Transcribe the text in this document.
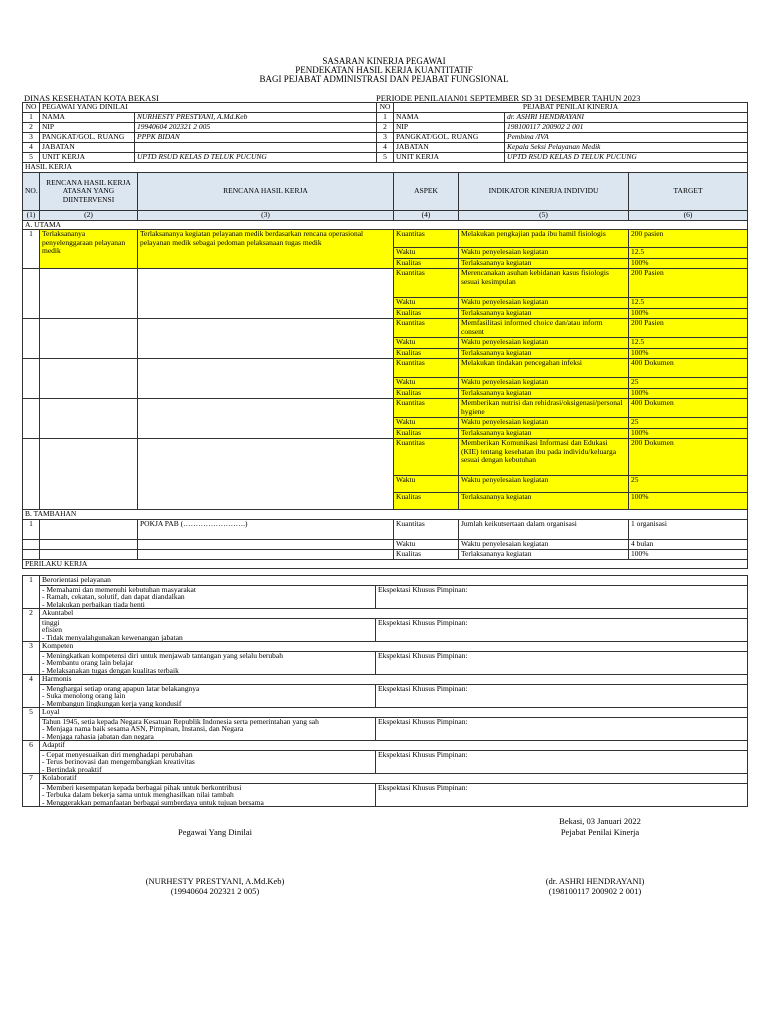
SASARAN KINERJA PEGAWAI
PENDEKATAN HASIL KERJA KUANTITATIF
BAGI PEJABAT ADMINISTRASI DAN PEJABAT FUNGSIONAL
DINAS KESEHATAN KOTA BEKASI	PERIODE PENILAIAN01 SEPTEMBER SD 31 DESEMBER TAHUN 2023
NO	PEGAWAI YANG DINILAI		NO	PEJABAT PENILAI KINERJA	
1	NAMA	NURHESTY PRESTYANI, A.Md.Keb	1	NAMA	dr. ASHRI HENDRAYANI
2	NIP	19940604 202321 2 005	2	NIP	198100117 200902 2 001
3	PANGKAT/GOL. RUANG	PPPK BIDAN	3	PANGKAT/GOL. RUANG	Pembina /IVA
4	JABATAN		4	JABATAN	Kepala Seksi Pelayanan Medik
5	UNIT KERJA	UPTD RSUD KELAS D TELUK PUCUNG	5	UNIT KERJA	UPTD RSUD KELAS D TELUK PUCUNG
HASIL KERJA					
NO.	RENCANA HASIL KERJA ATASAN YANG DIINTERVENSI	RENCANA HASIL KERJA	ASPEK	INDIKATOR KINERJA INDIVIDU	TARGET
(1)	(2)	(3)	(4)	(5)	(6)
A. UTAMA					
1	Terlaksananya penyelenggaraan pelayanan medik	Terlaksananya kegiatan pelayanan medik berdasarkan rencana operasional pelayanan medik sebagai pedoman pelaksanaan tugas medik	Kuantitas	Melakukan pengkajian pada ibu hamil fisiologis	200 pasien
			Waktu	Waktu penyelesaian kegiatan	12.5
			Kualitas	Terlaksananya kegiatan	100%
			Kuantitas	Merencanakan asuhan kebidanan kasus fisiologis sesuai kesimpulan	200 Pasien
			Waktu	Waktu penyelesaian kegiatan	12.5
			Kualitas	Terlaksananya kegiatan	100%
			Kuantitas	Memfasilitasi informed choice dan/atau inform consent	200 Pasien
			Waktu	Waktu penyelesaian kegiatan	12.5
			Kualitas	Terlaksananya kegiatan	100%
			Kuantitas	Melakukan tindakan pencegahan infeksi	400 Dokumen
			Waktu	Waktu penyelesaian kegiatan	25
			Kualitas	Terlaksananya kegiatan	100%
			Kuantitas	Memberikan nutrisi dan rehidrasi/oksigenasi/personal hygiene	400 Dokumen
			Waktu	Waktu penyelesaian kegiatan	25
			Kualitas	Terlaksananya kegiatan	100%
			Kuantitas	Memberikan Komunikasi Informasi dan Edukasi (KIE) tentang kesehatan ibu pada individu/keluarga sesuai dengan kebutuhan	200 Dokumen
			Waktu	Waktu penyelesaian kegiatan	25
			Kualitas	Terlaksananya kegiatan	100%
B. TAMBAHAN					
1		POKJA PAB (…………………….)	Kuantitas	Jumlah keikutsertaan dalam organisasi	1 organisasi
			Waktu	Waktu penyelesaian kegiatan	4 bulan
			Kualitas	Terlaksananya kegiatan	100%
PERILAKU KERJA					
1	Berorientasi pelayanan	

	- Memahami dan memenuhi kebutuhan masyarakat
- Ramah, cekatan, solutif, dan dapat diandalkan
- Melakukan perbaikan tiada henti	Ekspektasi Khusus Pimpinan:
2	Akuntabel	

	tinggi
efisien
- Tidak menyalahgunakan kewenangan jabatan	Ekspektasi Khusus Pimpinan:
3	Kompeten	

	- Meningkatkan kompetensi diri untuk menjawab tantangan yang selalu berubah
- Membantu orang lain belajar
- Melaksanakan tugas dengan kualitas terbaik	Ekspektasi Khusus Pimpinan:
4	Harmonis	

	- Menghargai setiap orang apapun latar belakangnya
- Suka menolong orang lain
- Membangun lingkungan kerja yang kondusif	Ekspektasi Khusus Pimpinan:
5	Loyal	

	Tahun 1945, setia kepada Negara Kesatuan Republik Indonesia serta pemerintahan yang sah
- Menjaga nama baik sesama ASN, Pimpinan, Instansi, dan Negara
- Menjaga rahasia jabatan dan negara	Ekspektasi Khusus Pimpinan:
6	Adaptif	

	- Cepat menyesuaikan diri menghadapi perubahan
- Terus berinovasi dan mengembangkan kreativitas
- Bertindak proaktif	Ekspektasi Khusus Pimpinan:
7	Kolaboratif	

	- Memberi kesempatan kepada berbagai pihak untuk berkontribusi
- Terbuka dalam bekerja sama untuk menghasilkan nilai tambah
- Menggerakkan pemanfaatan berbagai sumberdaya untuk tujuan bersama	Ekspektasi Khusus Pimpinan:
Bekasi, 03 Januari 2022
Pegawai Yang Dinilai	Pejabat Penilai Kinerja
(NURHESTY PRESTYANI, A.Md.Keb)
(19940604 202321 2 005)
(dr. ASHRI HENDRAYANI)
(198100117 200902 2 001)
